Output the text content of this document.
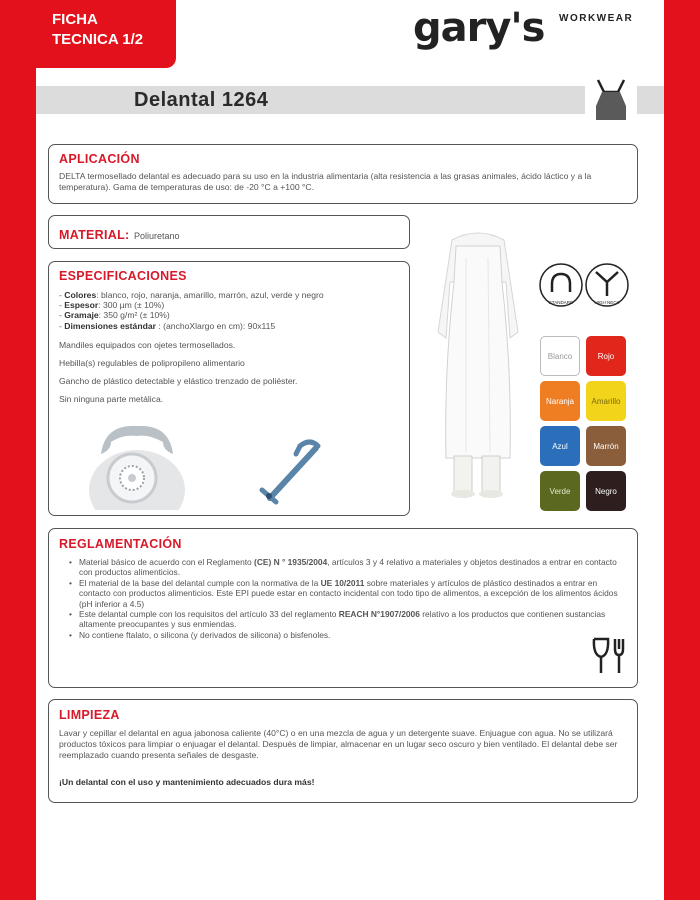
FICHA
TECNICA 1/2	gary's WORKWEAR
Delantal 1264
APLICACIÓN
DELTA termosellado delantal es adecuado para su uso en la industria alimentaria (alta resistencia a las grasas animales, ácido láctico y a la temperatura). Gama de temperaturas de uso: de -20 °C a +100 °C.
MATERIAL: Poliuretano
ESPECIFICACIONES

- Colores: blanco, rojo, naranja, amarillo, marrón, azul, verde y negro

- Espesor: 300 µm (± 10%)

- Gramaje: 350 g/m² (± 10%)

- Dimensiones estándar : (anchoXlargo en cm): 90x115

Mandiles equipados con ojetes termosellados.

Hebilla(s) regulables de polipropileno alimentario

Gancho de plástico detectable y elástico trenzado de poliéster.

Sin ninguna parte metálica.

STANDARD	HIGH NECK
Blanco	Rojo
Naranja	Amarillo
Azul	Marrón
Verde	Negro
REGLAMENTACIÓN
• Material básico de acuerdo con el Reglamento (CE) N ° 1935/2004, artículos 3 y 4 relativo a materiales y objetos destinados a entrar en contacto con productos alimenticios.
• El material de la base del delantal cumple con la normativa de la UE 10/2011 sobre materiales y artículos de plástico destinados a entrar en contacto con productos alimenticios. Este EPI puede estar en contacto incidental con todo tipo de alimentos, a excepción de los alimentos ácidos (pH inferior a 4.5)
• Este delantal cumple con los requisitos del artículo 33 del reglamento REACH N°1907/2006 relativo a los productos que contienen sustancias altamente preocupantes y sus enmiendas.
• No contiene ftalato, o silicona (y derivados de silicona) o bisfenoles.
LIMPIEZA
Lavar y cepillar el delantal en agua jabonosa caliente (40°C) o en una mezcla de agua y un detergente suave. Enjuague con agua. No se utilizará productos tóxicos para limpiar o enjuagar el delantal. Después de limpiar, almacenar en un lugar seco oscuro y bien ventilado. El delantal debe ser reemplazado cuando presenta señales de desgaste.
¡Un delantal con el uso y mantenimiento adecuados dura más!
